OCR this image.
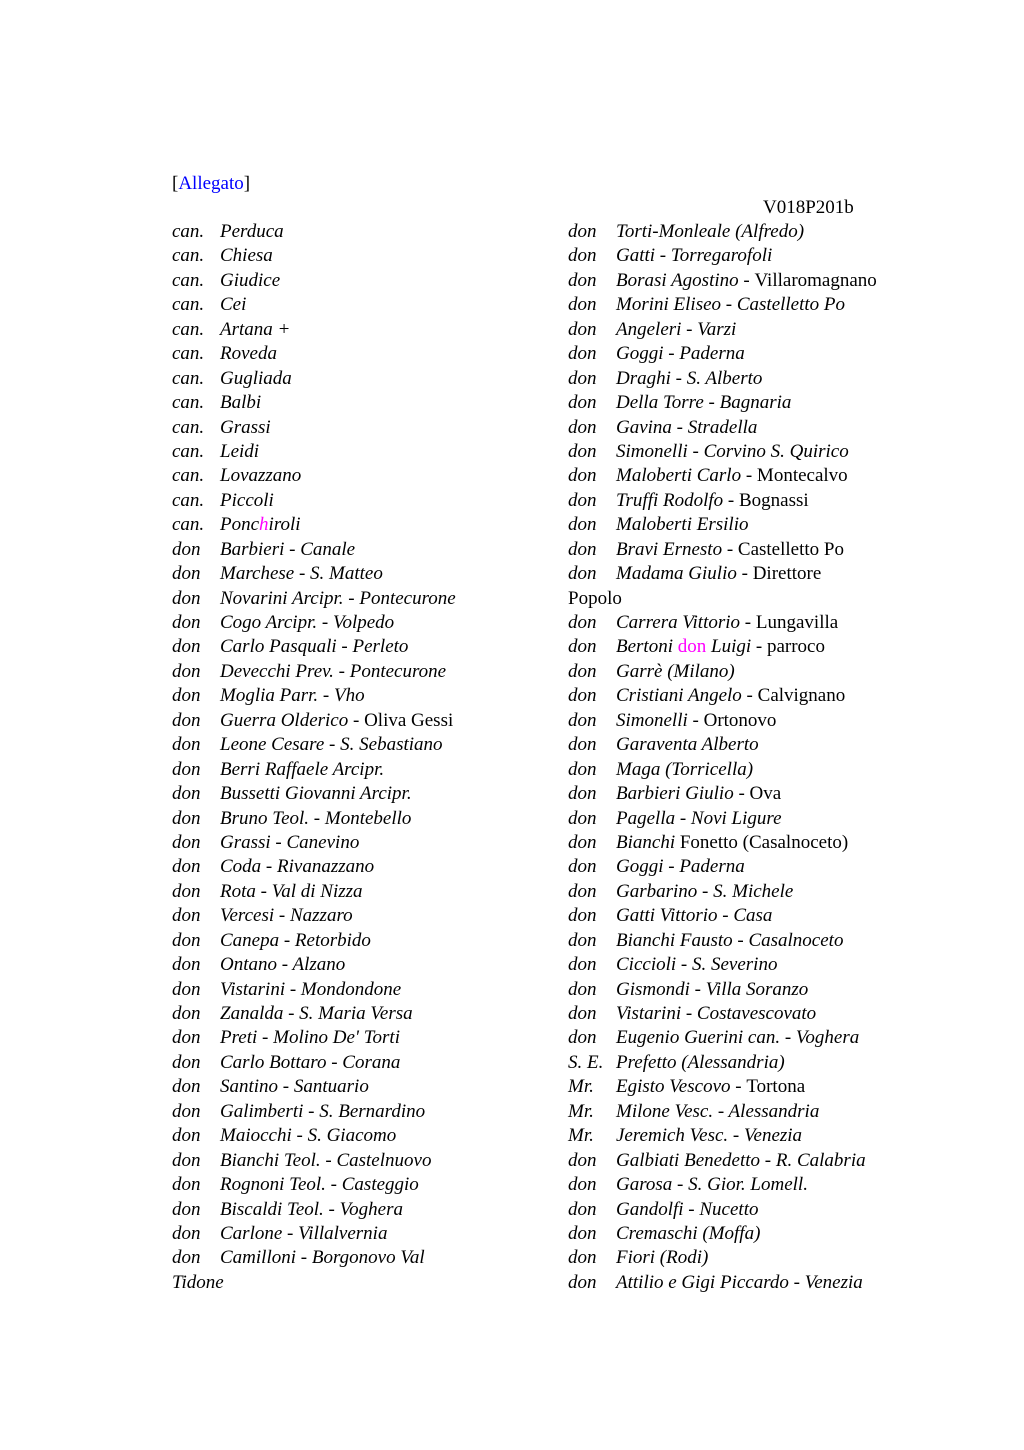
[Allegato]
V018P201b
can. Perduca
can. Chiesa
can. Giudice
can. Cei
can. Artana +
can. Roveda
can. Gugliada
can. Balbi
can. Grassi
can. Leidi
can. Lovazzano
can. Piccoli
can. Ponchiroli
don Barbieri - Canale
don Marchese - S. Matteo
don Novarini Arcipr. - Pontecurone
don Cogo Arcipr. - Volpedo
don Carlo Pasquali - Perleto
don Devecchi Prev. - Pontecurone
don Moglia Parr. - Vho
don Guerra Olderico - Oliva Gessi
don Leone Cesare - S. Sebastiano
don Berri Raffaele Arcipr.
don Bussetti Giovanni Arcipr.
don Bruno Teol. - Montebello
don Grassi - Canevino
don Coda - Rivanazzano
don Rota - Val di Nizza
don Vercesi - Nazzaro
don Canepa - Retorbido
don Ontano - Alzano
don Vistarini - Mondondone
don Zanalda - S. Maria Versa
don Preti - Molino De' Torti
don Carlo Bottaro - Corana
don Santino - Santuario
don Galimberti - S. Bernardino
don Maiocchi - S. Giacomo
don Bianchi Teol. - Castelnuovo
don Rognoni Teol. - Casteggio
don Biscaldi Teol. - Voghera
don Carlone - Villalvernia
don Camilloni - Borgonovo Val
Tidone
don Torti-Monleale (Alfredo)
don Gatti - Torregarofoli
don Borasi Agostino - Villaromagnano
don Morini Eliseo - Castelletto Po
don Angeleri - Varzi
don Goggi - Paderna
don Draghi - S. Alberto
don Della Torre - Bagnaria
don Gavina - Stradella
don Simonelli - Corvino S. Quirico
don Maloberti Carlo - Montecalvo
don Truffi Rodolfo - Bognassi
don Maloberti Ersilio
don Bravi Ernesto - Castelletto Po
don Madama Giulio - Direttore
Popolo
don Carrera Vittorio - Lungavilla
don Bertoni don Luigi - parroco
don Garrè (Milano)
don Cristiani Angelo - Calvignano
don Simonelli - Ortonovo
don Garaventa Alberto
don Maga (Torricella)
don Barbieri Giulio - Ova
don Pagella - Novi Ligure
don Bianchi Fonetto (Casalnoceto)
don Goggi - Paderna
don Garbarino - S. Michele
don Gatti Vittorio - Casa
don Bianchi Fausto - Casalnoceto
don Ciccioli - S. Severino
don Gismondi - Villa Soranzo
don Vistarini - Costavescovato
don Eugenio Guerini can. - Voghera
S. E. Prefetto (Alessandria)
Mr. Egisto Vescovo - Tortona
Mr. Milone Vesc. - Alessandria
Mr. Jeremich Vesc. - Venezia
don Galbiati Benedetto - R. Calabria
don Garosa - S. Gior. Lomell.
don Gandolfi - Nucetto
don Cremaschi (Moffa)
don Fiori (Rodi)
don Attilio e Gigi Piccardo - Venezia
